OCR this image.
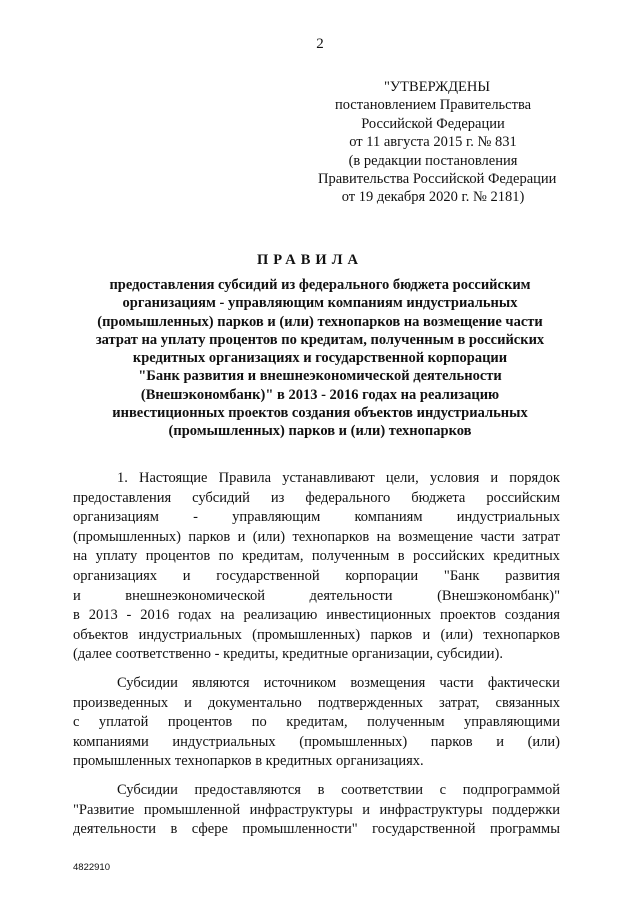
2
"УТВЕРЖДЕНЫ
постановлением Правительства
Российской Федерации
от 11 августа 2015 г. № 831
(в редакции постановления
Правительства Российской Федерации
от 19 декабря 2020 г. № 2181)
ПРАВИЛА
предоставления субсидий из федерального бюджета российским
организациям - управляющим компаниям индустриальных
(промышленных) парков и (или) технопарков на возмещение части
затрат на уплату процентов по кредитам, полученным в российских
кредитных организациях и государственной корпорации
"Банк развития и внешнеэкономической деятельности
(Внешэкономбанк)" в 2013 - 2016 годах на реализацию
инвестиционных проектов создания объектов индустриальных
(промышленных) парков и (или) технопарков

1. Настоящие Правила устанавливают цели, условия и порядок
предоставления субсидий из федерального бюджета российским
организациям - управляющим компаниям индустриальных
(промышленных) парков и (или) технопарков на возмещение части затрат
на уплату процентов по кредитам, полученным в российских кредитных
организациях и государственной корпорации "Банк развития
и	внешнеэкономической	деятельности	(Внешэкономбанк)"
в 2013 - 2016 годах на реализацию инвестиционных проектов создания
объектов индустриальных (промышленных) парков и (или) технопарков
(далее соответственно - кредиты, кредитные организации, субсидии).

Субсидии являются источником возмещения части фактически
произведенных и документально подтвержденных затрат, связанных
с уплатой процентов по кредитам, полученным управляющими
компаниями индустриальных (промышленных) парков и (или)
промышленных технопарков в кредитных организациях.

Субсидии предоставляются в соответствии с подпрограммой
"Развитие промышленной инфраструктуры и инфраструктуры поддержки
деятельности в сфере промышленности" государственной программы

4822910
